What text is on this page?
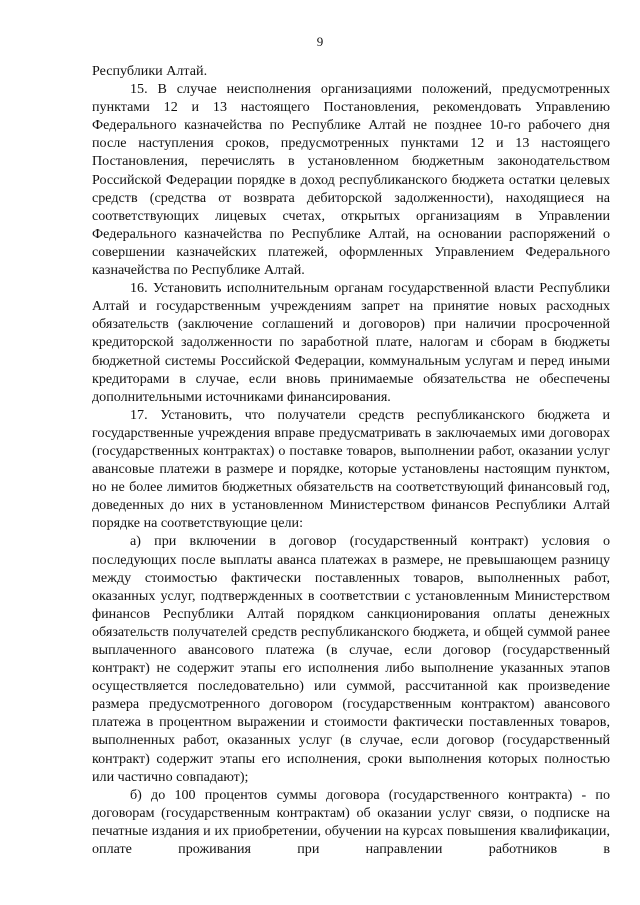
9

Республики Алтай.

15. В случае неисполнения организациями положений, предусмотренных пунктами 12 и 13 настоящего Постановления, рекомендовать Управлению Федерального казначейства по Республике Алтай не позднее 10-го рабочего дня после наступления сроков, предусмотренных пунктами 12 и 13 настоящего Постановления, перечислять в установленном бюджетным законодательством Российской Федерации порядке в доход республиканского бюджета остатки целевых средств (средства от возврата дебиторской задолженности), находящиеся на соответствующих лицевых счетах, открытых организациям в Управлении Федерального казначейства по Республике Алтай, на основании распоряжений о совершении казначейских платежей, оформленных Управлением Федерального казначейства по Республике Алтай.

16. Установить исполнительным органам государственной власти Республики Алтай и государственным учреждениям запрет на принятие новых расходных обязательств (заключение соглашений и договоров) при наличии просроченной кредиторской задолженности по заработной плате, налогам и сборам в бюджеты бюджетной системы Российской Федерации, коммунальным услугам и перед иными кредиторами в случае, если вновь принимаемые обязательства не обеспечены дополнительными источниками финансирования.

17. Установить, что получатели средств республиканского бюджета и государственные учреждения вправе предусматривать в заключаемых ими договорах (государственных контрактах) о поставке товаров, выполнении работ, оказании услуг авансовые платежи в размере и порядке, которые установлены настоящим пунктом, но не более лимитов бюджетных обязательств на соответствующий финансовый год, доведенных до них в установленном Министерством финансов Республики Алтай порядке на соответствующие цели:

а) при включении в договор (государственный контракт) условия о последующих после выплаты аванса платежах в размере, не превышающем разницу между стоимостью фактически поставленных товаров, выполненных работ, оказанных услуг, подтвержденных в соответствии с установленным Министерством финансов Республики Алтай порядком санкционирования оплаты денежных обязательств получателей средств республиканского бюджета, и общей суммой ранее выплаченного авансового платежа (в случае, если договор (государственный контракт) не содержит этапы его исполнения либо выполнение указанных этапов осуществляется последовательно) или суммой, рассчитанной как произведение размера предусмотренного договором (государственным контрактом) авансового платежа в процентном выражении и стоимости фактически поставленных товаров, выполненных работ, оказанных услуг (в случае, если договор (государственный контракт) содержит этапы его исполнения, сроки выполнения которых полностью или частично совпадают);

б) до 100 процентов суммы договора (государственного контракта) - по договорам (государственным контрактам) об оказании услуг связи, о подписке на печатные издания и их приобретении, обучении на курсах повышения квалификации, оплате проживания при направлении работников в
